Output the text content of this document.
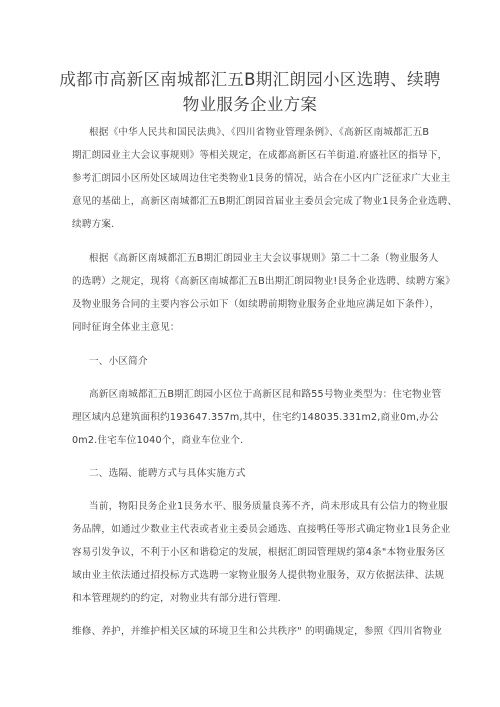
成都市高新区南城都汇五B期汇朗园小区选聘、续聘
物业服务企业方案
根据《中华人民共和国民法典》、《四川省物业管理条例》、《高新区南城都汇五B
期汇朗园业主大会议事规则》等相关规定，在成都高新区石羊街道.府盛社区的指导下，
参考汇朗园小区所处区域周边住宅类物业1艮务的情况，站合在小区内广泛征求广大业主
意见的基础上，高新区南城都汇五B期汇朗园首届业主委员会完成了物业1艮务企业选聘、
续聘方案.
根据《高新区南城都汇五B期汇朗园业主大会议事规则》第二十二条（物业服务人
的选聘）之规定，现将《高新区南城都汇五B出期汇朗园物业!艮务企业选聘、续聘方案》
及物业服务合同的主要内容公示如下（如续聘前期物业服务企业地应满足如下条件），
同时征询全体业主意见：
一、小区简介
高新区南城都汇五B期汇朗园小区位于高新区昆和路55号物业类型为：住宅物业管
理区域内总建筑面积约193647.357m,其中，住宅约148035.331m2,商业0m,办公
0m2.住宅车位1040个，商业车位业个.
二、选隔、能聘方式与具体实施方式
当前，物阳艮务企业1艮务水平、服务质量良莠不齐，尚未形成具有公信力的物业服
务品牌，如通过少数业主代表或者业主委员会通选、直接鸭任等形式确定物业1艮务企业
容易引发争议，不利于小区和谐稳定的发展，根据汇朗园管理规约第4条"本物业服务区
域由业主依法通过招投标方式选聘一家物业服务人提供物业服务，双方依据法律、法规
和本管理规约的约定，对物业共有部分进行管理.
维修、养护，并维护相关区域的环境卫生和公共秩序" 的明确规定，参照《四川省物业
